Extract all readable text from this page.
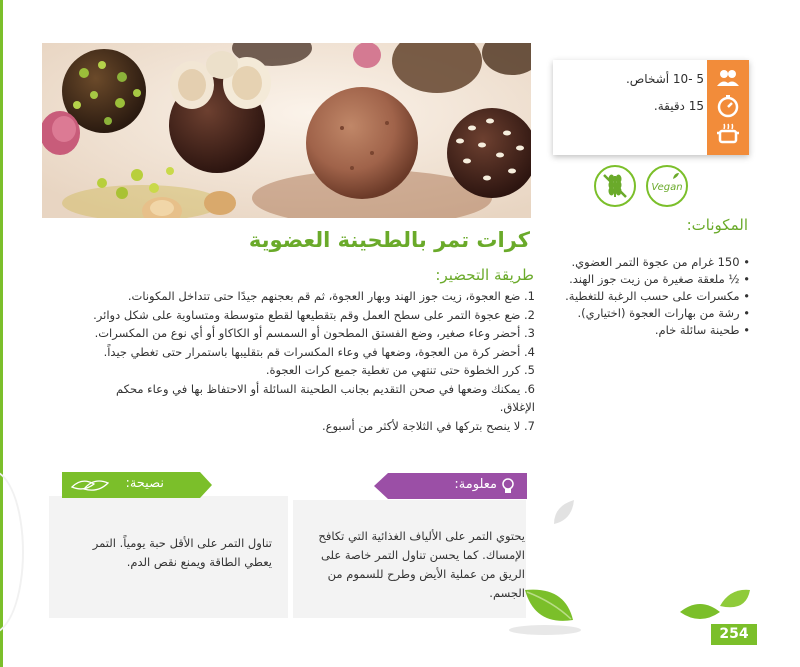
5 -10 أشخاص.
15 دقيقة.
Vegan
كرات تمر بالطحينة العضوية
المكونات:
• 150 غرام من عجوة التمر العضوي.
• ½ ملعقة صغيرة من زيت جوز الهند.
• مكسرات على حسب الرغبة للتغطية.
• رشة من بهارات العجوة (اختياري).
• طحينة سائلة خام.
طريقة التحضير:
1. ضع العجوة، زيت جوز الهند وبهار العجوة، ثم قم بعجنهم جيدًا حتى تتداخل المكونات.
2. ضع عجوة التمر على سطح العمل وقم بتقطيعها لقطع متوسطة ومتساوية على شكل دوائر.
3. أحضر وعاء صغير، وضع الفستق المطحون أو السمسم أو الكاكاو أو أي نوع من المكسرات.
4. أحضر كرة من العجوة، وضعها في وعاء المكسرات قم بتقليبها باستمرار حتى تغطي جيداً.
5. كرر الخطوة حتى تنتهي من تغطية جميع كرات العجوة.
6. يمكنك وضعها في صحن التقديم بجانب الطحينة السائلة أو الاحتفاظ بها في وعاء محكم
الإغلاق.
7. لا ينصح بتركها في الثلاجة لأكثر من أسبوع.
نصيحة:
تناول التمر على الأقل حبة يومياً. التمر
يعطي الطاقة ويمنع نقص الدم.
معلومة:
يحتوي التمر على الألياف الغذائية التي تكافح
الإمساك. كما يحسن تناول التمر خاصة على
الريق من عملية الأيض وطرح للسموم من
الجسم.
254
